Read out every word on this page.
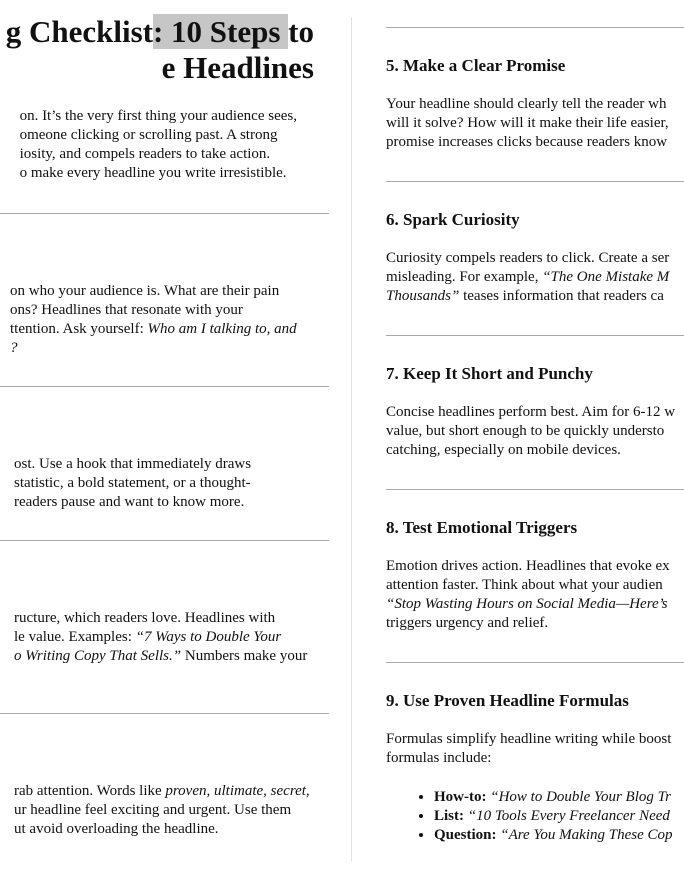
g Checklist: 10 Steps to
e Headlines
on. It’s the very first thing your audience sees,
omeone clicking or scrolling past. A strong
iosity, and compels readers to take action.
o make every headline you write irresistible.
on who your audience is. What are their pain
ons? Headlines that resonate with your
ttention. Ask yourself: Who am I talking to, and
?
ost. Use a hook that immediately draws
statistic, a bold statement, or a thought-
readers pause and want to know more.
ructure, which readers love. Headlines with
le value. Examples: “7 Ways to Double Your
o Writing Copy That Sells.” Numbers make your
rab attention. Words like proven, ultimate, secret,
ur headline feel exciting and urgent. Use them
ut avoid overloading the headline.
5. Make a Clear Promise
Your headline should clearly tell the reader wh
will it solve? How will it make their life easier,
promise increases clicks because readers know
6. Spark Curiosity
Curiosity compels readers to click. Create a ser
misleading. For example, “The One Mistake M
Thousands” teases information that readers ca
7. Keep It Short and Punchy
Concise headlines perform best. Aim for 6-12 w
value, but short enough to be quickly understo
catching, especially on mobile devices.
8. Test Emotional Triggers
Emotion drives action. Headlines that evoke ex
attention faster. Think about what your audien
“Stop Wasting Hours on Social Media—Here’s
triggers urgency and relief.
9. Use Proven Headline Formulas
Formulas simplify headline writing while boost
formulas include:
• How-to: “How to Double Your Blog Tr
• List: “10 Tools Every Freelancer Need
• Question: “Are You Making These Cop
